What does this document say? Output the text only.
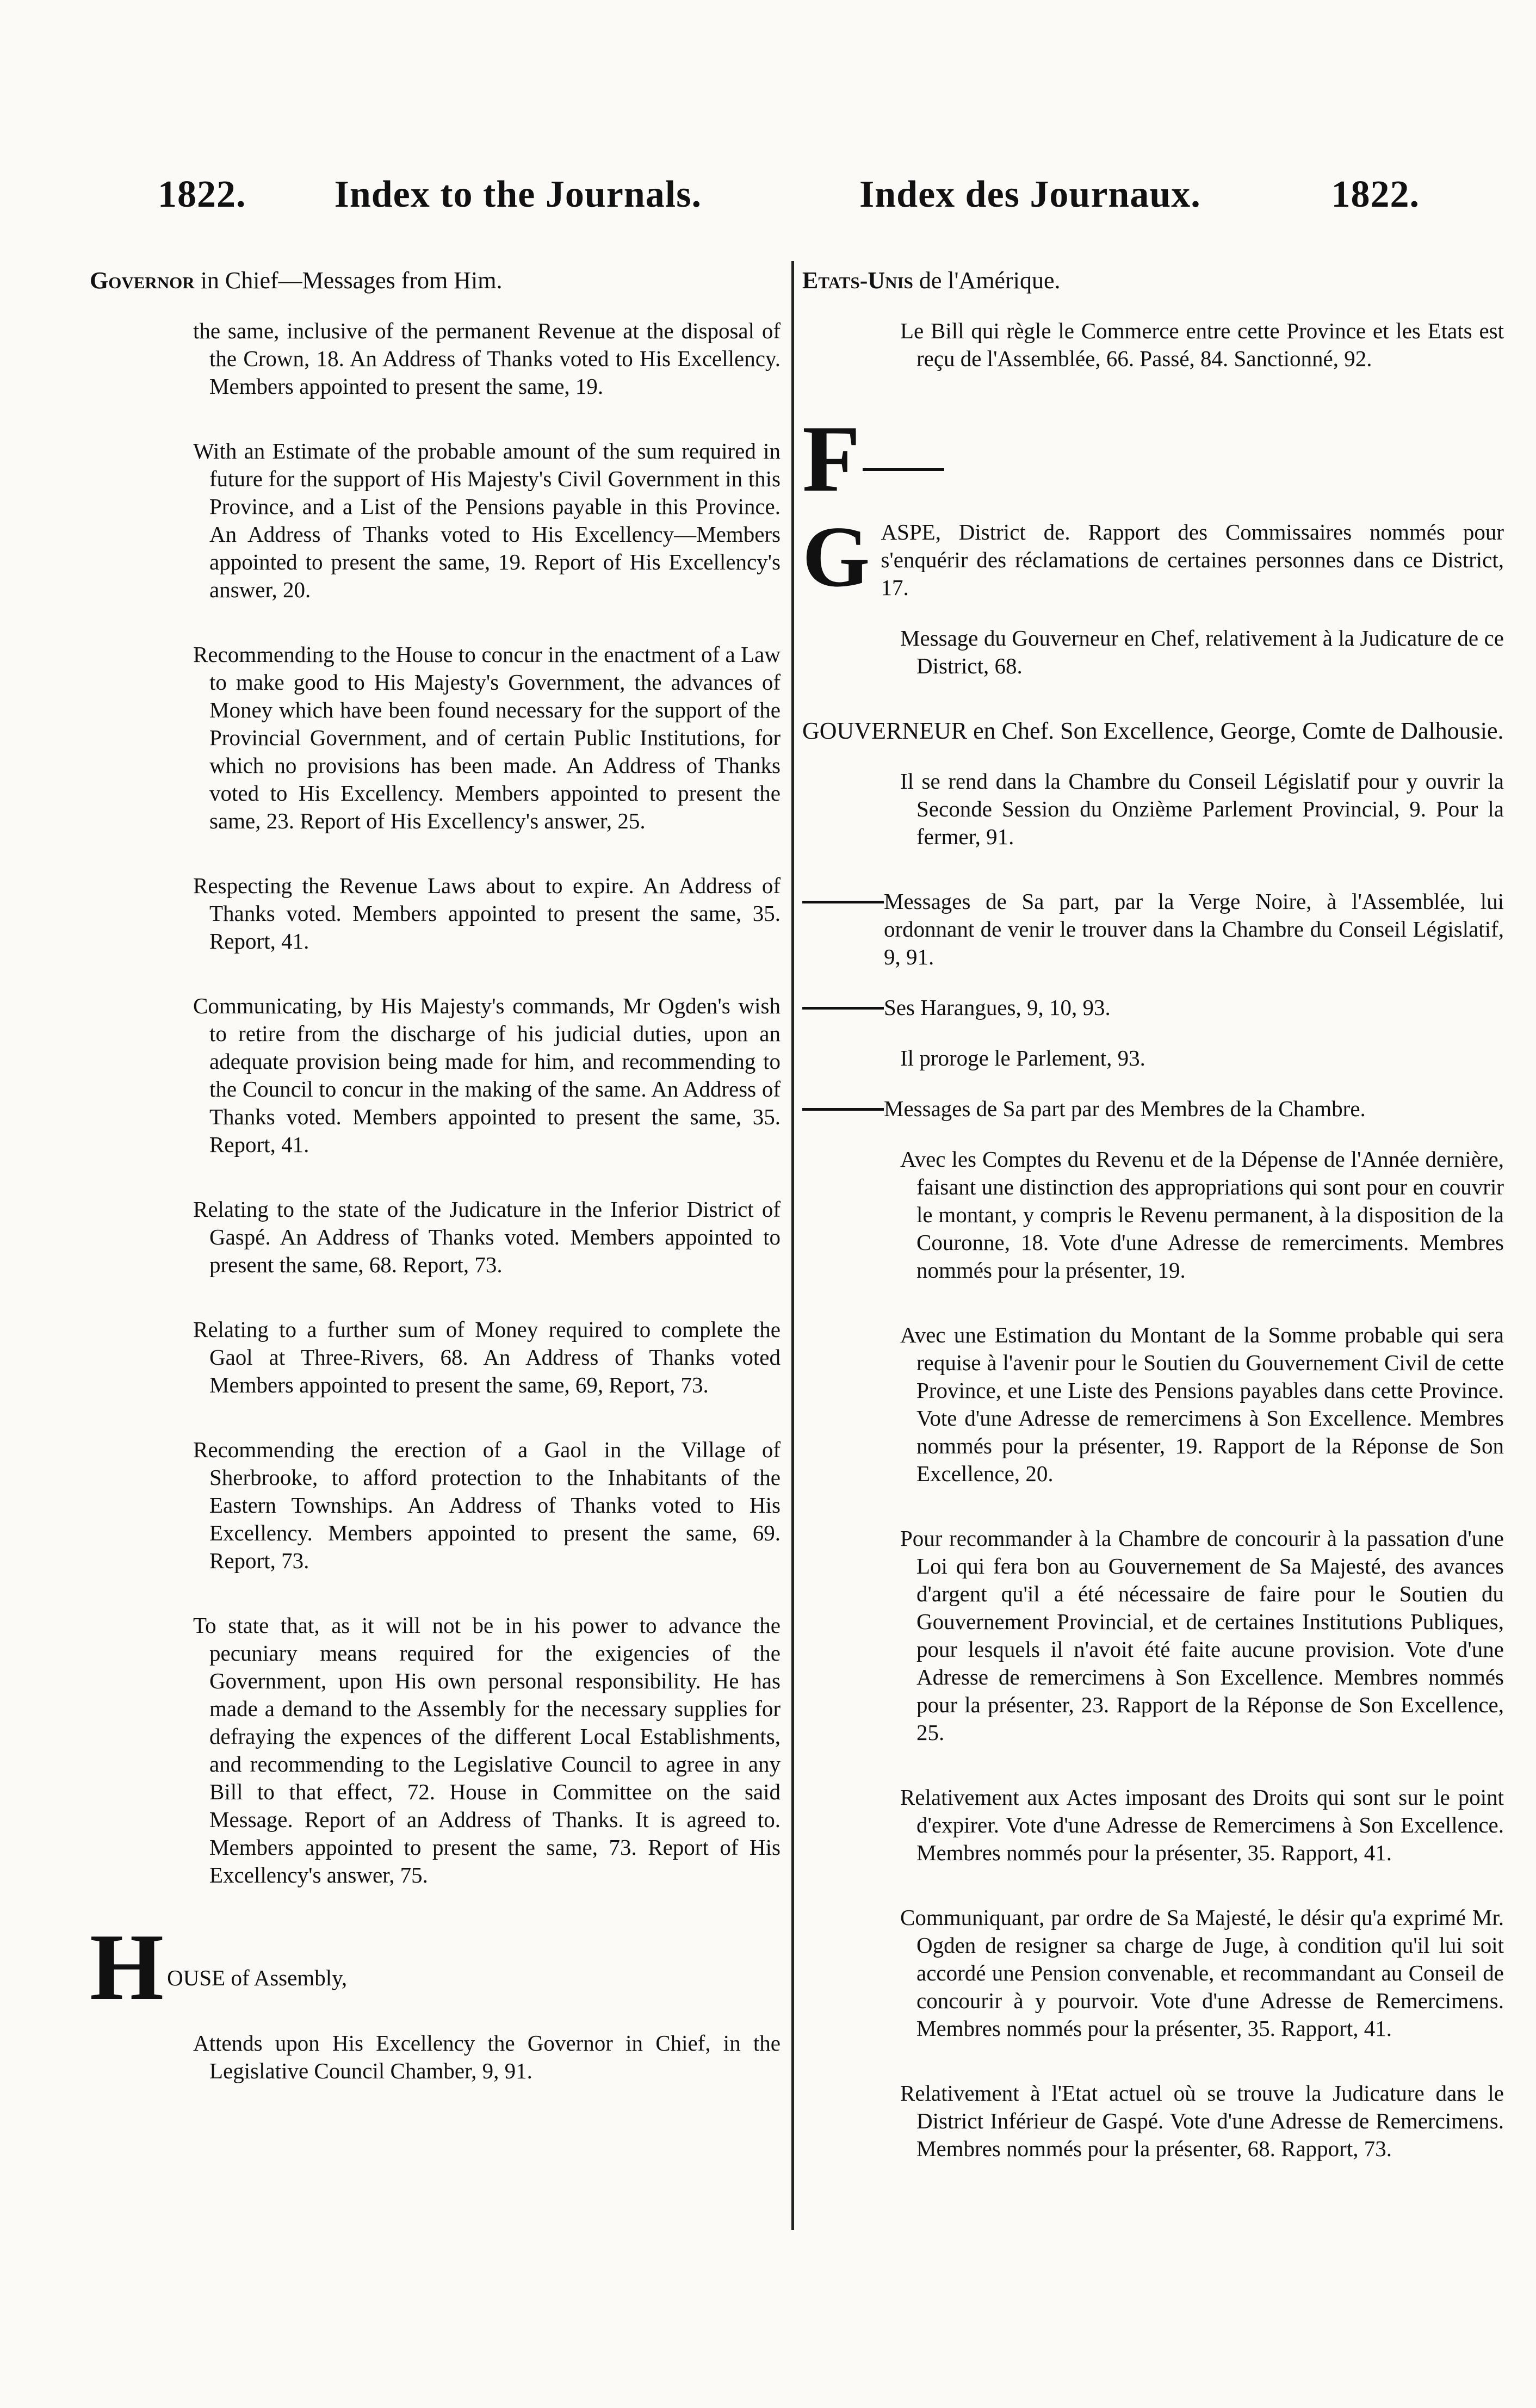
1822. Index to the Journals.	Index des Journaux.	1822.
Governor in Chief—Messages from Him.
the same, inclusive of the permanent Revenue at the disposal of the Crown, 18. An Address of Thanks voted to His Excellency. Members appointed to present the same, 19.
With an Estimate of the probable amount of the sum required in future for the support of His Majesty's Civil Government in this Province, and a List of the Pensions payable in this Province. An Address of Thanks voted to His Excellency—Members appointed to present the same, 19. Report of His Excellency's answer, 20.
Recommending to the House to concur in the enactment of a Law to make good to His Majesty's Government, the advances of Money which have been found necessary for the support of the Provincial Government, and of certain Public Institutions, for which no provisions has been made. An Address of Thanks voted to His Excellency. Members appointed to present the same, 23. Report of His Excellency's answer, 25.
Respecting the Revenue Laws about to expire. An Address of Thanks voted. Members appointed to present the same, 35. Report, 41.
Communicating, by His Majesty's commands, Mr Ogden's wish to retire from the discharge of his judicial duties, upon an adequate provision being made for him, and recommending to the Council to concur in the making of the same. An Address of Thanks voted. Members appointed to present the same, 35. Report, 41.
Relating to the state of the Judicature in the Inferior District of Gaspé. An Address of Thanks voted. Members appointed to present the same, 68. Report, 73.
Relating to a further sum of Money required to complete the Gaol at Three-Rivers, 68. An Address of Thanks voted Members appointed to present the same, 69, Report, 73.
Recommending the erection of a Gaol in the Village of Sherbrooke, to afford protection to the Inhabitants of the Eastern Townships. An Address of Thanks voted to His Excellency. Members appointed to present the same, 69. Report, 73.
To state that, as it will not be in his power to advance the pecuniary means required for the exigencies of the Government, upon His own personal responsibility. He has made a demand to the Assembly for the necessary supplies for defraying the expences of the different Local Establishments, and recommending to the Legislative Council to agree in any Bill to that effect, 72. House in Committee on the said Message. Report of an Address of Thanks. It is agreed to. Members appointed to present the same, 73. Report of His Excellency's answer, 75.
H OUSE of Assembly,
Attends upon His Excellency the Governor in Chief, in the Legislative Council Chamber, 9, 91.
Etats-Unis de l'Amérique.
Le Bill qui règle le Commerce entre cette Province et les Etats est reçu de l'Assemblée, 66. Passé, 84. Sanctionné, 92.
F
G ASPE, District de. Rapport des Commissaires nommés pour s'enquérir des réclamations de certaines personnes dans ce District, 17.
Message du Gouverneur en Chef, relativement à la Judicature de ce District, 68.
GOUVERNEUR en Chef. Son Excellence, George, Comte de Dalhousie.
Il se rend dans la Chambre du Conseil Législatif pour y ouvrir la Seconde Session du Onzième Parlement Provincial, 9. Pour la fermer, 91.
Messages de Sa part, par la Verge Noire, à l'Assemblée, lui ordonnant de venir le trouver dans la Chambre du Conseil Législatif, 9, 91.
Ses Harangues, 9, 10, 93.
Il proroge le Parlement, 93.
Messages de Sa part par des Membres de la Chambre.
Avec les Comptes du Revenu et de la Dépense de l'Année dernière, faisant une distinction des appropriations qui sont pour en couvrir le montant, y compris le Revenu permanent, à la disposition de la Couronne, 18. Vote d'une Adresse de remerciments. Membres nommés pour la présenter, 19.
Avec une Estimation du Montant de la Somme probable qui sera requise à l'avenir pour le Soutien du Gouvernement Civil de cette Province, et une Liste des Pensions payables dans cette Province. Vote d'une Adresse de remercimens à Son Excellence. Membres nommés pour la présenter, 19. Rapport de la Réponse de Son Excellence, 20.
Pour recommander à la Chambre de concourir à la passation d'une Loi qui fera bon au Gouvernement de Sa Majesté, des avances d'argent qu'il a été nécessaire de faire pour le Soutien du Gouvernement Provincial, et de certaines Institutions Publiques, pour lesquels il n'avoit été faite aucune provision. Vote d'une Adresse de remercimens à Son Excellence. Membres nommés pour la présenter, 23. Rapport de la Réponse de Son Excellence, 25.
Relativement aux Actes imposant des Droits qui sont sur le point d'expirer. Vote d'une Adresse de Remercimens à Son Excellence. Membres nommés pour la présenter, 35. Rapport, 41.
Communiquant, par ordre de Sa Majesté, le désir qu'a exprimé Mr. Ogden de resigner sa charge de Juge, à condition qu'il lui soit accordé une Pension convenable, et recommandant au Conseil de concourir à y pourvoir. Vote d'une Adresse de Remercimens. Membres nommés pour la présenter, 35. Rapport, 41.
Relativement à l'Etat actuel où se trouve la Judicature dans le District Inférieur de Gaspé. Vote d'une Adresse de Remercimens. Membres nommés pour la présenter, 68. Rapport, 73.
